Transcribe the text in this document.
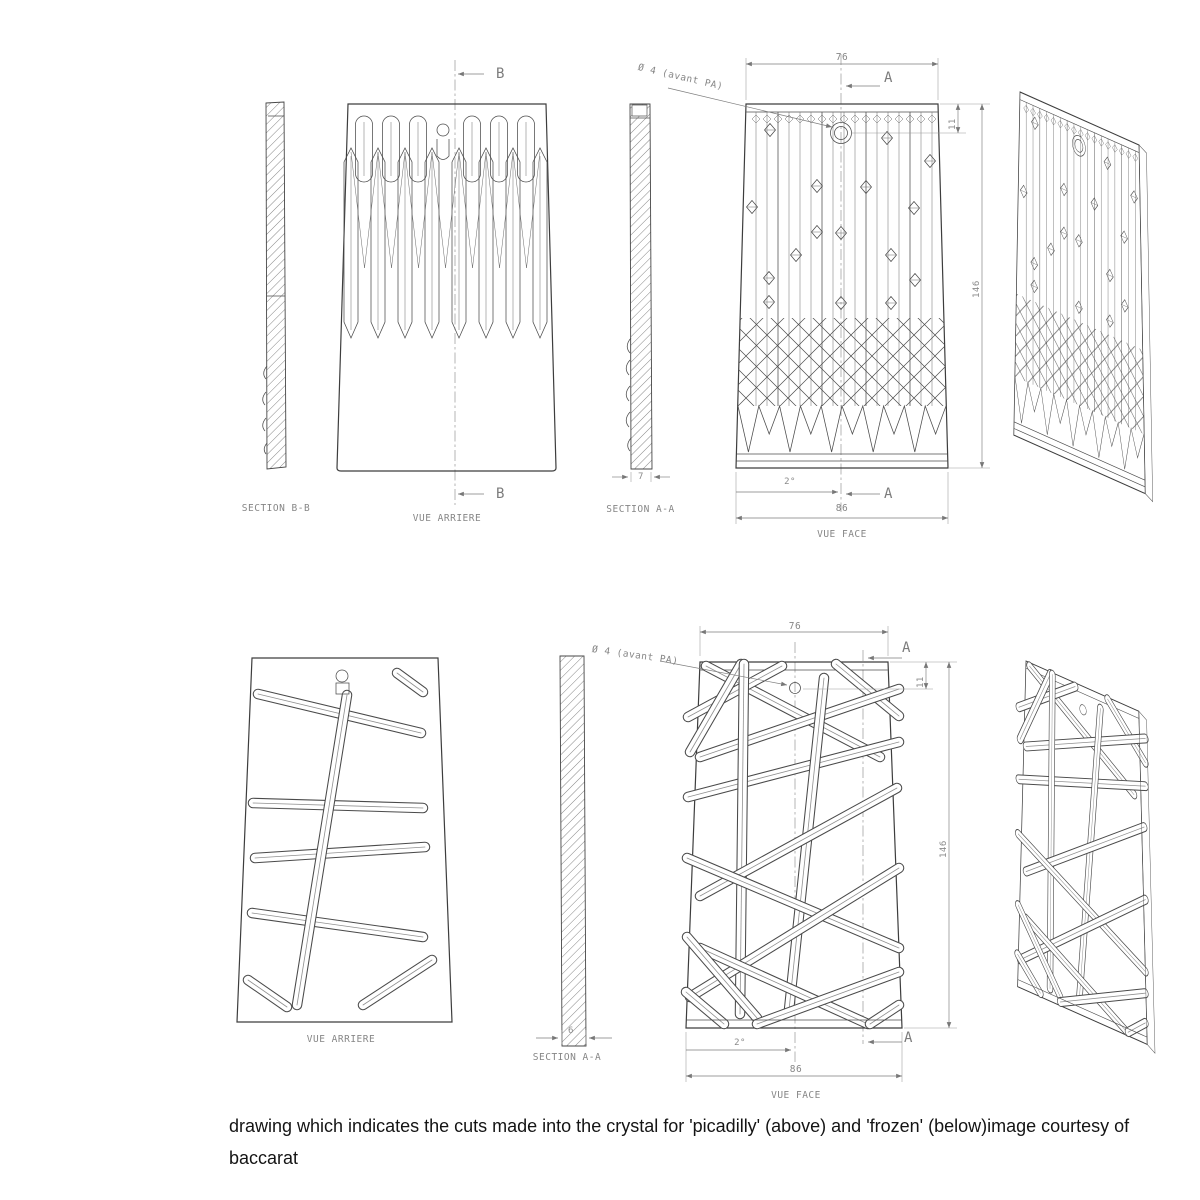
SECTION B-B
VUE ARRIERE
B
B
SECTION A-A
7
Ø 4 (avant PA)
76
A
11
146
2°
A
86
VUE FACE
Ø 4 (avant PA)
76
A
11
146
VUE ARRIERE
6
SECTION A-A
2°	A
86
VUE FACE
drawing which indicates the cuts made into the crystal for 'picadilly' (above) and 'frozen' (below)image courtesy of baccarat
